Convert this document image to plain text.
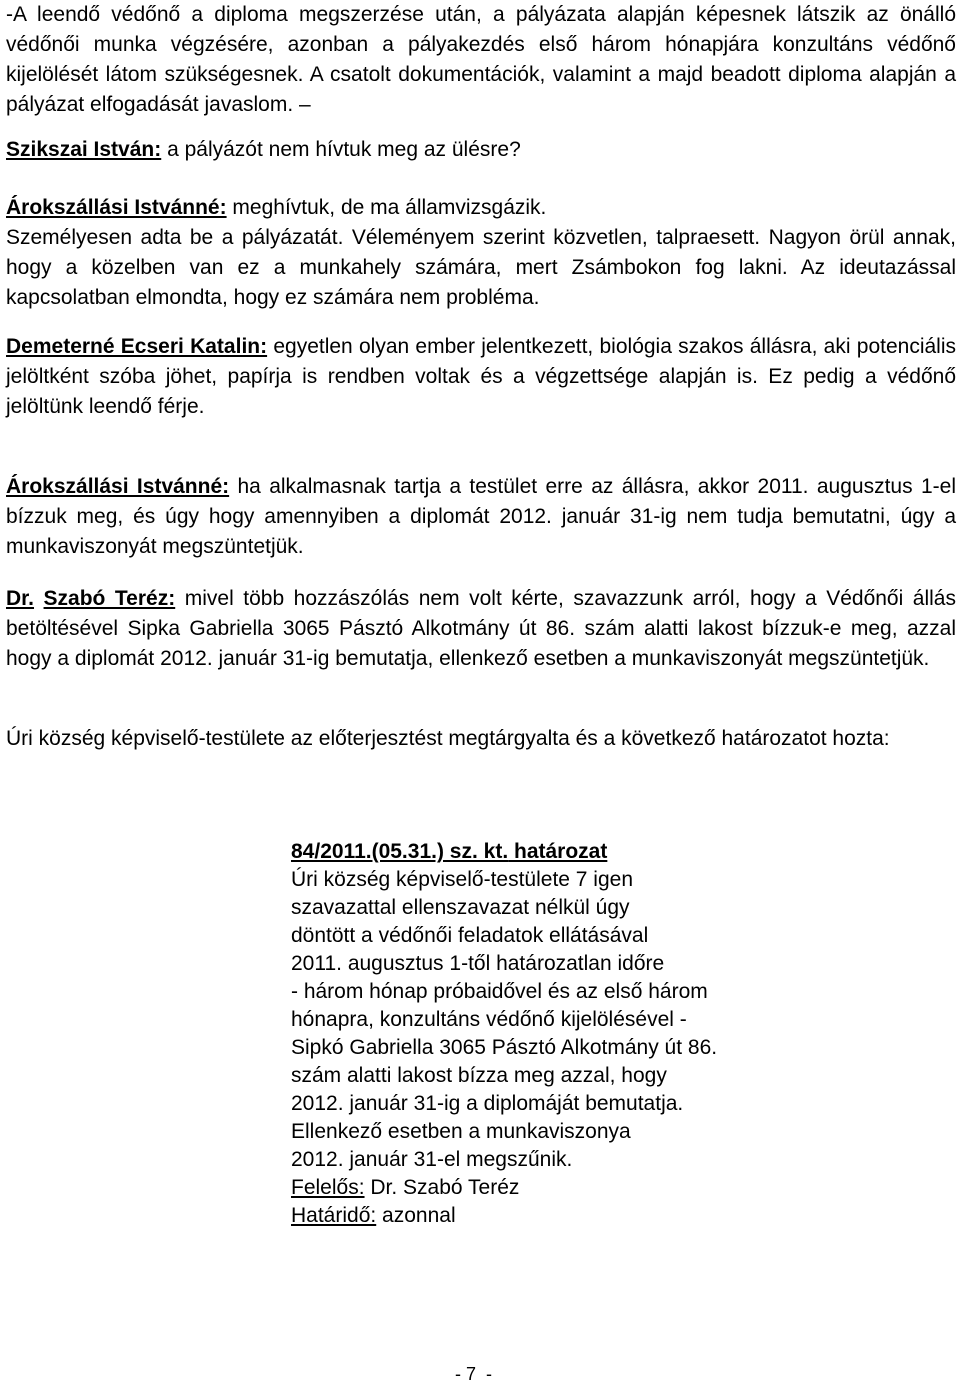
-A leendő védőnő a diploma megszerzése után, a pályázata alapján képesnek látszik az önálló védőnői munka végzésére, azonban a pályakezdés első három hónapjára konzultáns védőnő kijelölését látom szükségesnek. A csatolt dokumentációk, valamint a majd beadott diploma alapján a pályázat elfogadását javaslom. –

Szikszai István: a pályázót nem hívtuk meg az ülésre?

Árokszállási Istvánné: meghívtuk, de ma államvizsgázik.
Személyesen adta be a pályázatát. Véleményem szerint közvetlen, talpraesett. Nagyon örül annak, hogy a közelben van ez a munkahely számára, mert Zsámbokon fog lakni. Az ideutazással kapcsolatban elmondta, hogy ez számára nem probléma.

Demeterné Ecseri Katalin: egyetlen olyan ember jelentkezett, biológia szakos állásra, aki potenciális jelöltként szóba jöhet, papírja is rendben voltak és a végzettsége alapján is. Ez pedig a védőnő jelöltünk leendő férje.

Árokszállási Istvánné: ha alkalmasnak tartja a testület erre az állásra, akkor 2011. augusztus 1-el bízzuk meg, és úgy hogy amennyiben a diplomát 2012. január 31-ig nem tudja bemutatni, úgy a munkaviszonyát megszüntetjük.

Dr. Szabó Teréz: mivel több hozzászólás nem volt kérte, szavazzunk arról, hogy a Védőnői állás betöltésével Sipka Gabriella 3065 Pásztó Alkotmány út 86. szám alatti lakost bízzuk-e meg, azzal hogy a diplomát 2012. január 31-ig bemutatja, ellenkező esetben a munkaviszonyát megszüntetjük.

Úri község képviselő-testülete az előterjesztést megtárgyalta és a következő határozatot hozta:

84/2011.(05.31.) sz. kt. határozat
Úri község képviselő-testülete 7 igen
szavazattal ellenszavazat nélkül úgy
döntött a védőnői feladatok ellátásával
2011. augusztus 1-től határozatlan időre
- három hónap próbaidővel és az első három
hónapra, konzultáns védőnő kijelölésével -
Sipkó Gabriella 3065 Pásztó Alkotmány út 86.
szám alatti lakost bízza meg azzal, hogy
2012. január 31-ig a diplomáját bemutatja.
Ellenkező esetben a munkaviszonya
2012. január 31-el megszűnik.
Felelős: Dr. Szabó Teréz
Határidő: azonnal
- 7  -
